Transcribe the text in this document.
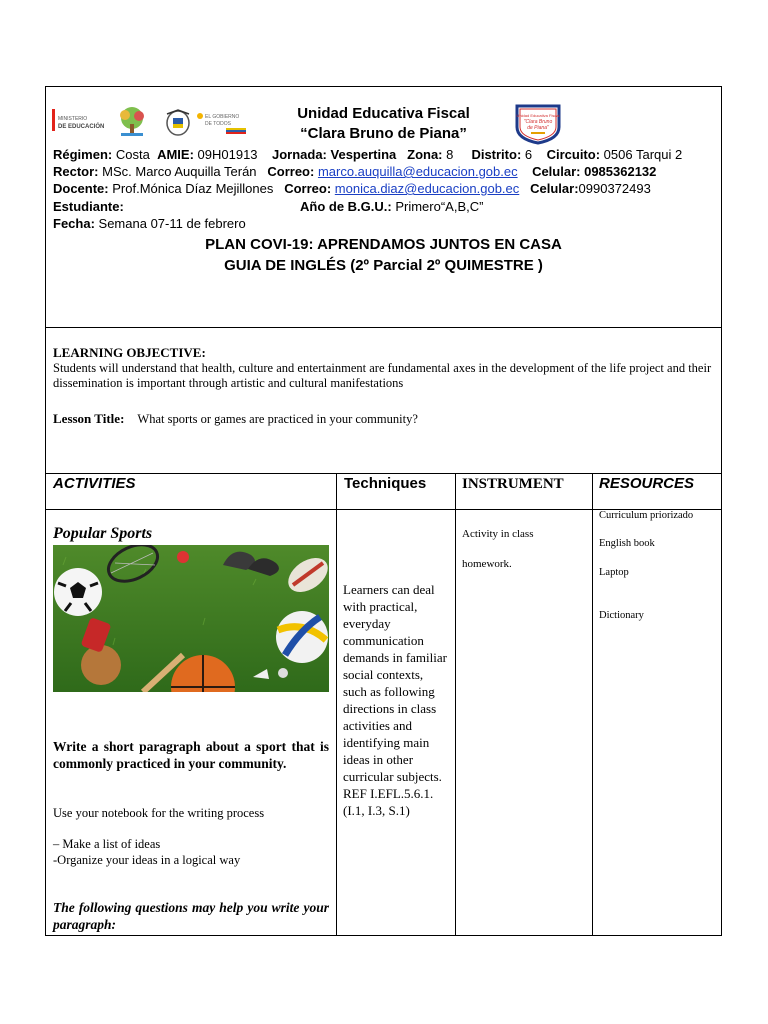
MINISTERIO
DE EDUCACIÓN
EL GOBIERNO
DE TODOS
Unidad Educativa Fiscal
"Clara Bruno
de Piana"
Unidad Educativa Fiscal
“Clara Bruno de Piana”
Régimen: Costa AMIE: 09H01913 Jornada: Vespertina Zona: 8 Distrito: 6 Circuito: 0506 Tarqui 2
Rector: MSc. Marco Auquilla Terán Correo: marco.auquilla@educacion.gob.ec Celular: 0985362132
Docente: Prof.Mónica Díaz Mejillones Correo: monica.diaz@educacion.gob.ec Celular:0990372493
Estudiante:	Año de B.G.U.: Primero“A,B,C”
Fecha: Semana 07-11 de febrero
PLAN COVI-19: APRENDAMOS JUNTOS EN CASA
GUIA DE INGLÉS (2º Parcial 2º QUIMESTRE )
LEARNING OBJECTIVE:
Students will understand that health, culture and entertainment are fundamental axes in the development of the life project and their dissemination is important through artistic and cultural manifestations
Lesson Title: What sports or games are practiced in your community?
ACTIVITIES	Techniques INSTRUMENT RESOURCES
Popular Sports
Write a short paragraph about a sport that is commonly practiced in your community.
Use your notebook for the writing process
– Make a list of ideas
-Organize your ideas in a logical way
The following questions may help you write your paragraph:
Learners can deal with practical, everyday communication demands in familiar social contexts, such as following directions in class activities and identifying main ideas in other curricular subjects. REF I.EFL.5.6.1. (I.1, I.3, S.1)
Activity in class
homework.
Curriculum priorizado
English book
Laptop
Dictionary
